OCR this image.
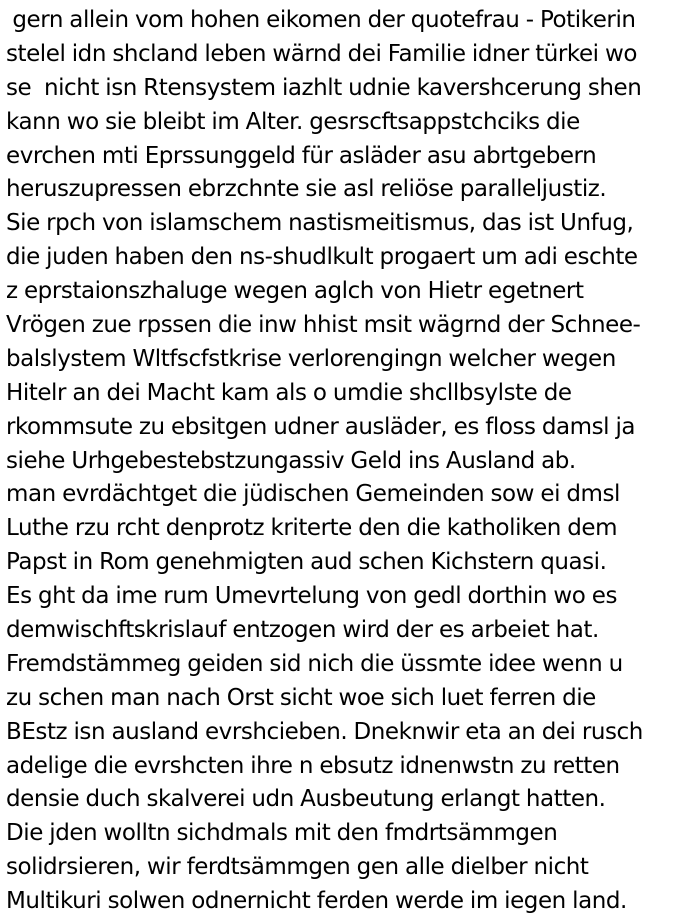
gern allein vom hohen eikomen der quotefrau - Potikerin
stelel idn shcland leben wärnd dei Familie idner türkei wo
se  nicht isn Rtensystem iazhlt udnie kavershcerung shen
kann wo sie bleibt im Alter. gesrscftsappstchciks die
evrchen mti Eprssunggeld für asläder asu abrtgebern
heruszupressen ebrzchnte sie asl reliöse paralleljustiz.
Sie rpch von islamschem nastismeitismus, das ist Unfug,
die juden haben den ns-shudlkult progaert um adi eschte
z eprstaionszhaluge wegen aglch von Hietr egetnert
Vrögen zue rpssen die inw hhist msit wägrnd der Schnee-
balslystem Wltfscfstkrise verlorengingn welcher wegen
Hitelr an dei Macht kam als o umdie shcllbsylste de
rkommsute zu ebsitgen udner ausläder, es floss damsl ja
siehe Urhgebestebstzungassiv Geld ins Ausland ab.
man evrdächtget die jüdischen Gemeinden sow ei dmsl
Luthe rzu rcht denprotz kriterte den die katholiken dem
Papst in Rom genehmigten aud schen Kichstern quasi.
Es ght da ime rum Umevrtelung von gedl dorthin wo es
demwischftskrislauf entzogen wird der es arbeiet hat.
Fremdstämmeg geiden sid nich die üssmte idee wenn u
zu schen man nach Orst sicht woe sich luet ferren die
BEstz isn ausland evrshcieben. Dneknwir eta an dei rusch
adelige die evrshcten ihre n ebsutz idnenwstn zu retten
densie duch skalverei udn Ausbeutung erlangt hatten.
Die jden wolltn sichdmals mit den fmdrtsämmgen
solidrsieren, wir ferdtsämmgen gen alle dielber nicht
Multikuri solwen odnernicht ferden werde im iegen land.
